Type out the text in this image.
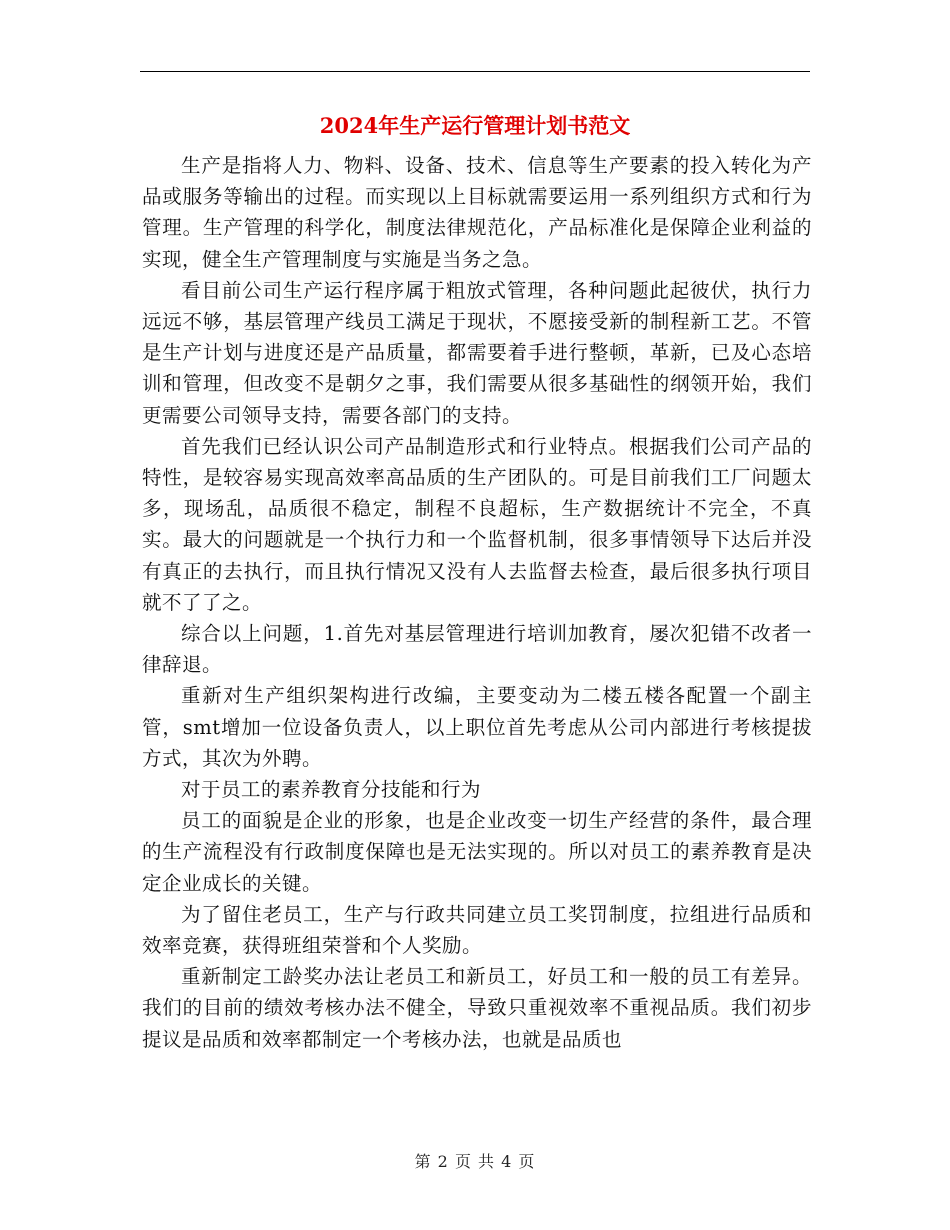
2024年生产运行管理计划书范文

生产是指将人力、物料、设备、技术、信息等生产要素的投入转化为产品或服务等输出的过程。而实现以上目标就需要运用一系列组织方式和行为管理。生产管理的科学化，制度法律规范化，产品标准化是保障企业利益的实现，健全生产管理制度与实施是当务之急。

看目前公司生产运行程序属于粗放式管理，各种问题此起彼伏，执行力远远不够，基层管理产线员工满足于现状，不愿接受新的制程新工艺。不管是生产计划与进度还是产品质量，都需要着手进行整顿，革新，已及心态培训和管理，但改变不是朝夕之事，我们需要从很多基础性的纲领开始，我们更需要公司领导支持，需要各部门的支持。

首先我们已经认识公司产品制造形式和行业特点。根据我们公司产品的特性，是较容易实现高效率高品质的生产团队的。可是目前我们工厂问题太多，现场乱，品质很不稳定，制程不良超标，生产数据统计不完全，不真实。最大的问题就是一个执行力和一个监督机制，很多事情领导下达后并没有真正的去执行，而且执行情况又没有人去监督去检查，最后很多执行项目就不了了之。

综合以上问题，1.首先对基层管理进行培训加教育，屡次犯错不改者一律辞退。

重新对生产组织架构进行改编，主要变动为二楼五楼各配置一个副主管，smt增加一位设备负责人，以上职位首先考虑从公司内部进行考核提拔方式，其次为外聘。

对于员工的素养教育分技能和行为

员工的面貌是企业的形象，也是企业改变一切生产经营的条件，最合理的生产流程没有行政制度保障也是无法实现的。所以对员工的素养教育是决定企业成长的关键。

为了留住老员工，生产与行政共同建立员工奖罚制度，拉组进行品质和效率竞赛，获得班组荣誉和个人奖励。

重新制定工龄奖办法让老员工和新员工，好员工和一般的员工有差异。我们的目前的绩效考核办法不健全，导致只重视效率不重视品质。我们初步提议是品质和效率都制定一个考核办法，也就是品质也

第 2 页 共 4 页
